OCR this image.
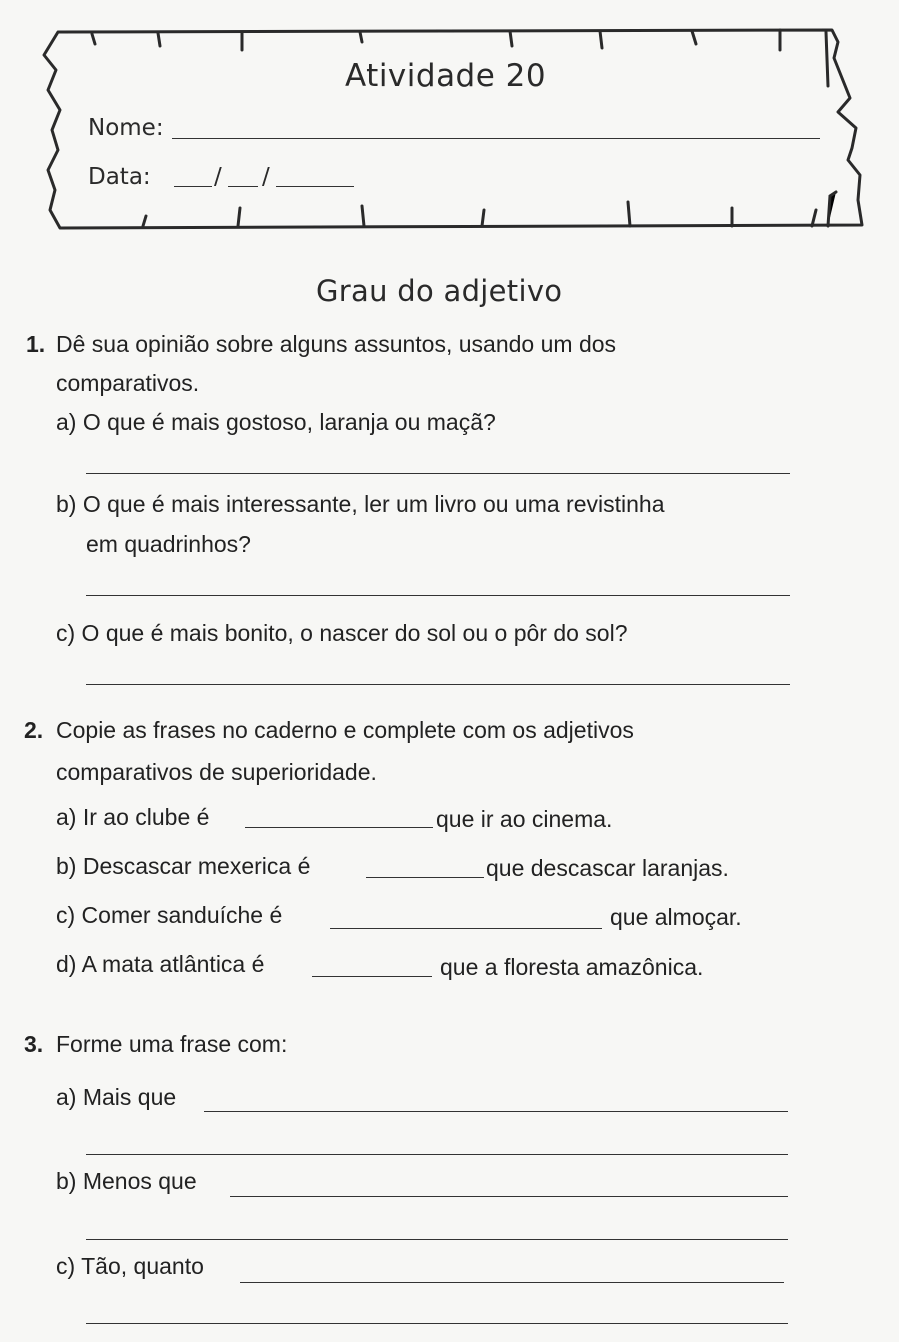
Atividade 20
Nome:
Data:	/ /
Grau do adjetivo
1. Dê sua opinião sobre alguns assuntos, usando um dos
comparativos.
a) O que é mais gostoso, laranja ou maçã?
b) O que é mais interessante, ler um livro ou uma revistinha
em quadrinhos?
c) O que é mais bonito, o nascer do sol ou o pôr do sol?
2. Copie as frases no caderno e complete com os adjetivos
comparativos de superioridade.
a) Ir ao clube é	que ir ao cinema.
b) Descascar mexerica é	que descascar laranjas.
c) Comer sanduíche é	que almoçar.
d) A mata atlântica é	que a floresta amazônica.
3. Forme uma frase com:
a) Mais que
b) Menos que
c) Tão, quanto
